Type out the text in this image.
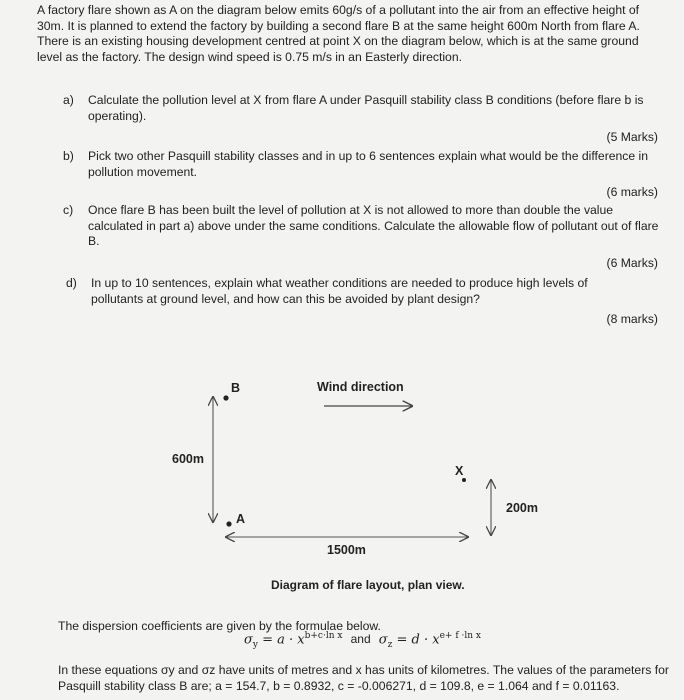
A factory flare shown as A on the diagram below emits 60g/s of a pollutant into the air from an effective height of 30m. It is planned to extend the factory by building a second flare B at the same height 600m North from flare A. There is an existing housing development centred at point X on the diagram below, which is at the same ground level as the factory. The design wind speed is 0.75 m/s in an Easterly direction.
a) Calculate the pollution level at X from flare A under Pasquill stability class B conditions (before flare b is operating).
(5 Marks)
b) Pick two other Pasquill stability classes and in up to 6 sentences explain what would be the difference in pollution movement.
(6 marks)
c) Once flare B has been built the level of pollution at X is not allowed to more than double the value calculated in part a) above under the same conditions. Calculate the allowable flow of pollutant out of flare B.
(6 Marks)
d) In up to 10 sentences, explain what weather conditions are needed to produce high levels of pollutants at ground level, and how can this be avoided by plant design?
(8 marks)
B
A
X
Wind direction
600m
1500m
200m
Diagram of flare layout, plan view.
The dispersion coefficients are given by the formulae below.
$\sigma_y = a \cdot x^{b+c\cdot ln x}$ and $\sigma_z = d \cdot x^{e+ f \cdot ln x}$
In these equations σy and σz have units of metres and x has units of kilometres. The values of the parameters for Pasquill stability class B are; a = 154.7, b = 0.8932, c = -0.006271, d = 109.8, e = 1.064 and f = 0.01163.
